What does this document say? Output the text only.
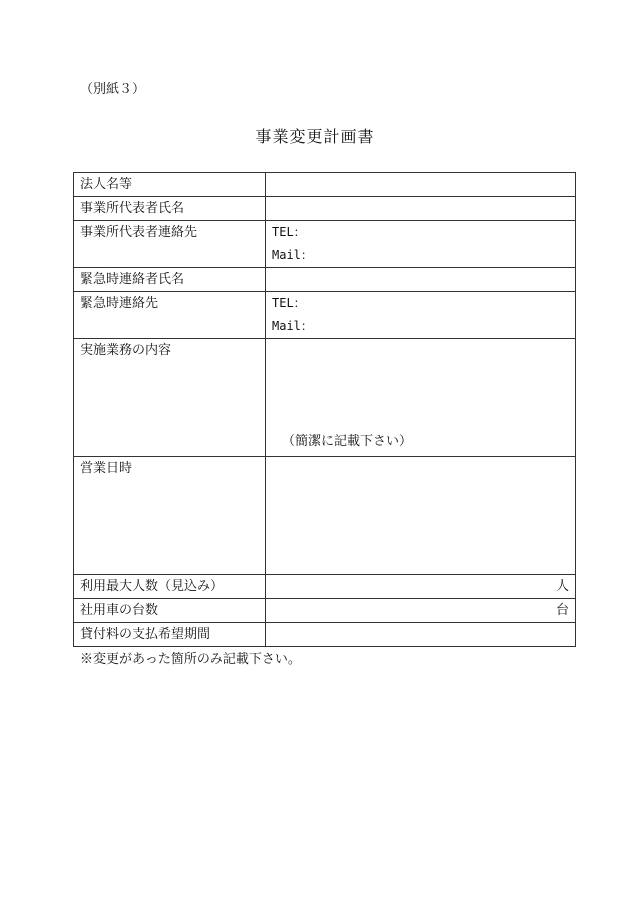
（別紙３）
事業変更計画書
法人名等	
事業所代表者氏名	
事業所代表者連絡先	TEL：
Mail：

緊急時連絡者氏名	
緊急時連絡先	TEL：
Mail：

実施業務の内容	（簡潔に記載下さい）

営業日時	
利用最大人数（見込み）	人
社用車の台数	台
貸付料の支払希望期間	
※変更があった箇所のみ記載下さい。
